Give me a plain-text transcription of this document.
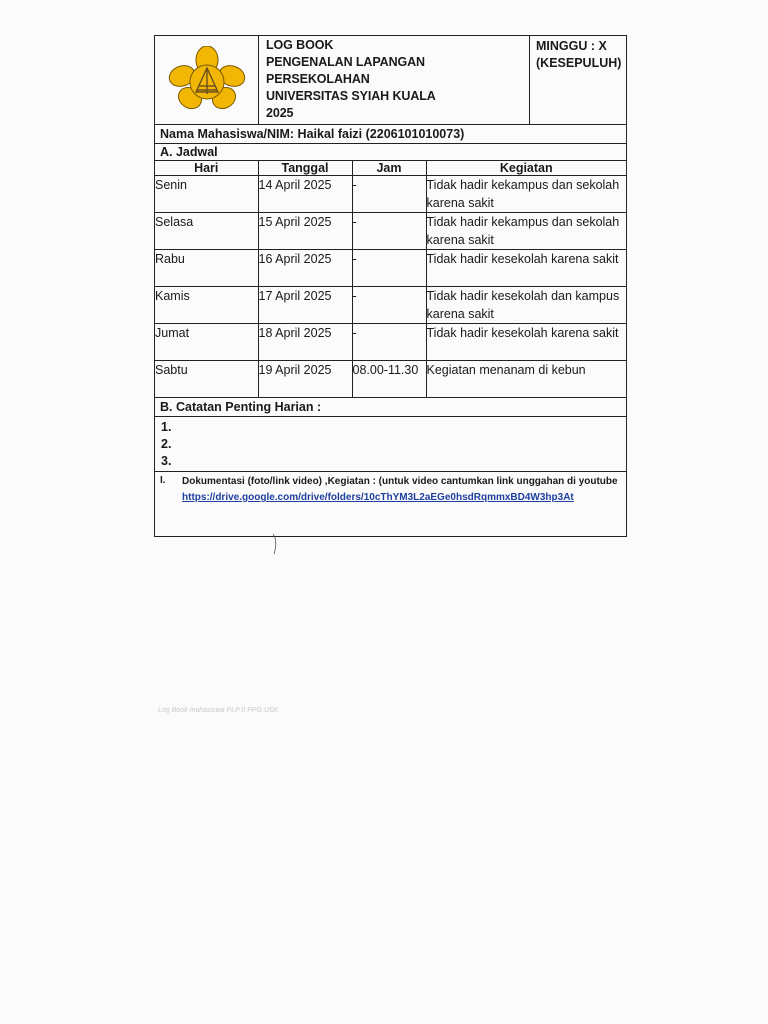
LOG BOOK
PENGENALAN LAPANGAN
PERSEKOLAHAN
UNIVERSITAS SYIAH KUALA
2025
MINGGU : X
(KESEPULUH)
Nama Mahasiswa/NIM: Haikal faizi (2206101010073)
A. Jadwal
Hari	Tanggal	Jam	Kegiatan
Senin	14 April 2025	-	Tidak hadir kekampus dan sekolah karena sakit
Selasa	15 April 2025	-	Tidak hadir kekampus dan sekolah karena sakit
Rabu	16 April 2025	-	Tidak hadir kesekolah karena sakit
Kamis	17 April 2025	-	Tidak hadir kesekolah dan kampus karena sakit
Jumat	18 April 2025	-	Tidak hadir kesekolah karena sakit
Sabtu	19 April 2025	08.00-11.30	Kegiatan menanam di kebun
B. Catatan Penting Harian :
1.
2.
3.
I. Dokumentasi (foto/link video) ,Kegiatan : (untuk video cantumkan link unggahan di youtube
https://drive.google.com/drive/folders/10cThYM3L2aEGe0hsdRqmmxBD4W3hp3At
Log Book mahasiswa PLP II PPG USK
